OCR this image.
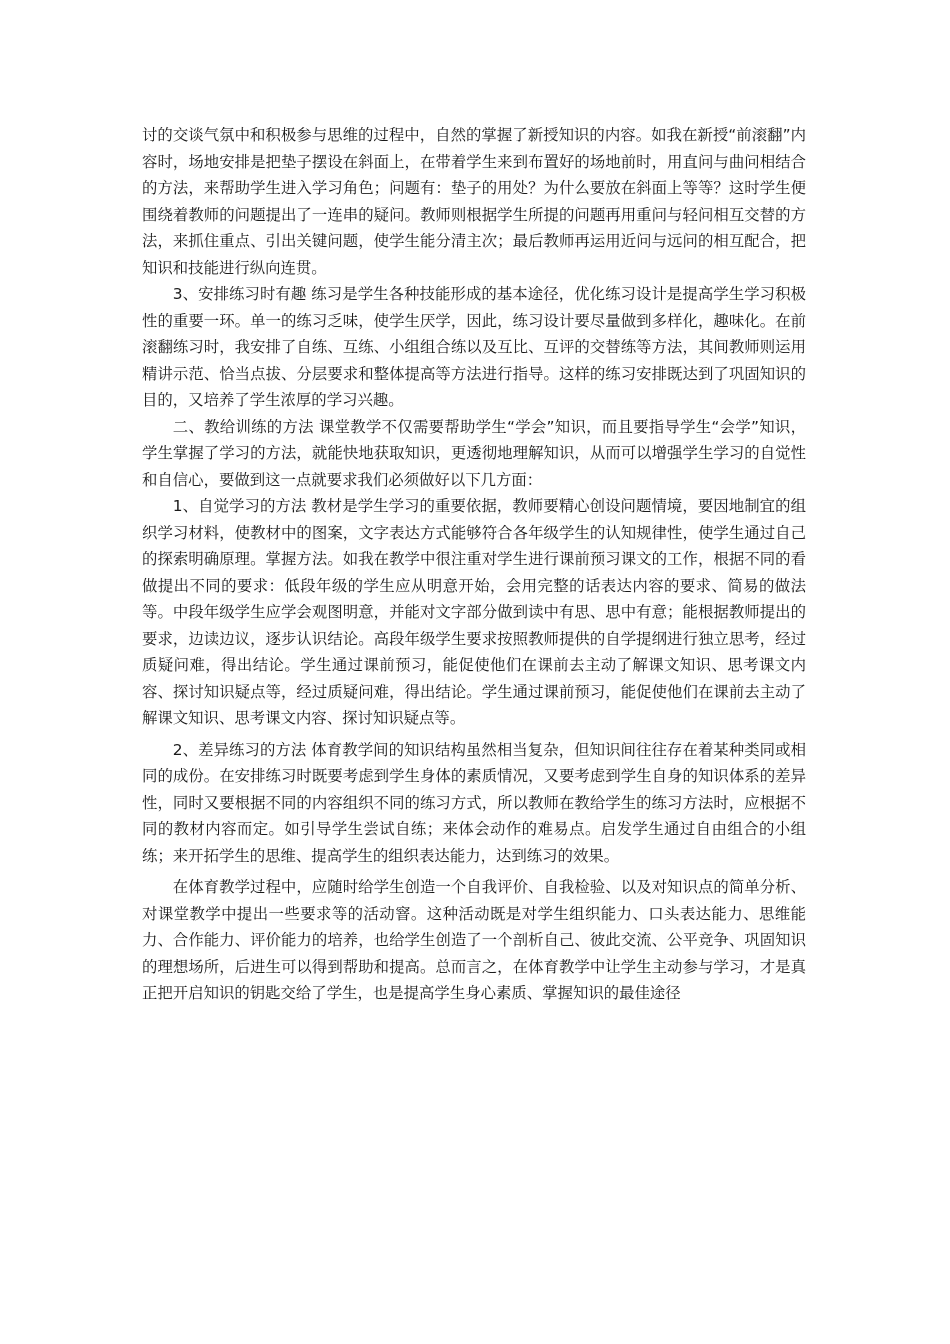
讨的交谈气氛中和积极参与思维的过程中，自然的掌握了新授知识的内容。如我在新授“前滚翻”内容时，场地安排是把垫子摆设在斜面上，在带着学生来到布置好的场地前时，用直问与曲问相结合的方法，来帮助学生进入学习角色；问题有：垫子的用处？为什么要放在斜面上等等？这时学生便围绕着教师的问题提出了一连串的疑问。教师则根据学生所提的问题再用重问与轻问相互交替的方法，来抓住重点、引出关键问题，使学生能分清主次；最后教师再运用近问与远问的相互配合，把知识和技能进行纵向连贯。

3、安排练习时有趣 练习是学生各种技能形成的基本途径，优化练习设计是提高学生学习积极性的重要一环。单一的练习乏味，使学生厌学，因此，练习设计要尽量做到多样化，趣味化。在前滚翻练习时，我安排了自练、互练、小组组合练以及互比、互评的交替练等方法，其间教师则运用精讲示范、恰当点拔、分层要求和整体提高等方法进行指导。这样的练习安排既达到了巩固知识的目的，又培养了学生浓厚的学习兴趣。

二、教给训练的方法 课堂教学不仅需要帮助学生“学会”知识，而且要指导学生“会学”知识，学生掌握了学习的方法，就能快地获取知识，更透彻地理解知识，从而可以增强学生学习的自觉性和自信心，要做到这一点就要求我们必须做好以下几方面：

1、自觉学习的方法 教材是学生学习的重要依据，教师要精心创设问题情境，要因地制宜的组织学习材料，使教材中的图案，文字表达方式能够符合各年级学生的认知规律性，使学生通过自己的探索明确原理。掌握方法。如我在教学中很注重对学生进行课前预习课文的工作，根据不同的看做提出不同的要求：低段年级的学生应从明意开始，会用完整的话表达内容的要求、简易的做法等。中段年级学生应学会观图明意，并能对文字部分做到读中有思、思中有意；能根据教师提出的要求，边读边议，逐步认识结论。高段年级学生要求按照教师提供的自学提纲进行独立思考，经过质疑问难，得出结论。学生通过课前预习，能促使他们在课前去主动了解课文知识、思考课文内容、探讨知识疑点等，经过质疑问难，得出结论。学生通过课前预习，能促使他们在课前去主动了解课文知识、思考课文内容、探讨知识疑点等。

2、差异练习的方法 体育教学间的知识结构虽然相当复杂，但知识间往往存在着某种类同或相同的成份。在安排练习时既要考虑到学生身体的素质情况，又要考虑到学生自身的知识体系的差异性，同时又要根据不同的内容组织不同的练习方式，所以教师在教给学生的练习方法时，应根据不同的教材内容而定。如引导学生尝试自练；来体会动作的难易点。启发学生通过自由组合的小组练；来开拓学生的思维、提高学生的组织表达能力，达到练习的效果。

在体育教学过程中，应随时给学生创造一个自我评价、自我检验、以及对知识点的简单分析、对课堂教学中提出一些要求等的活动窨。这种活动既是对学生组织能力、口头表达能力、思维能力、合作能力、评价能力的培养，也给学生创造了一个剖析自己、彼此交流、公平竞争、巩固知识的理想场所，后进生可以得到帮助和提高。总而言之，在体育教学中让学生主动参与学习，才是真正把开启知识的钥匙交给了学生，也是提高学生身心素质、掌握知识的最佳途径
